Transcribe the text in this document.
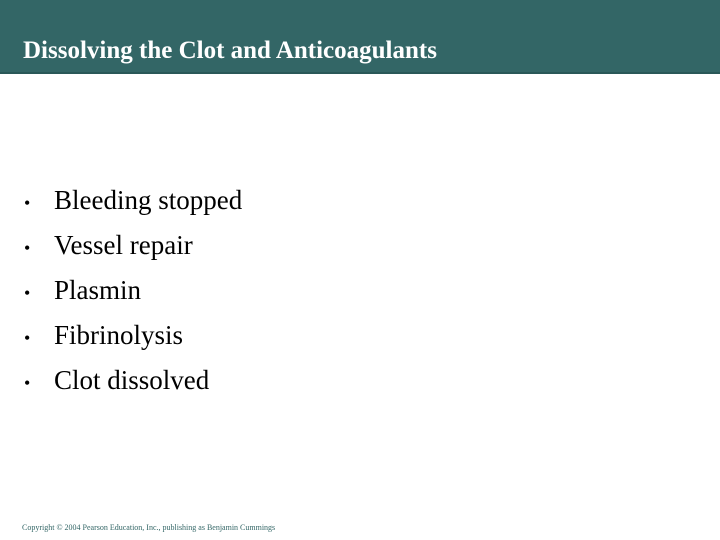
Dissolving the Clot and Anticoagulants
• Bleeding stopped
• Vessel repair
• Plasmin
• Fibrinolysis
• Clot dissolved
Copyright © 2004 Pearson Education, Inc., publishing as Benjamin Cummings
